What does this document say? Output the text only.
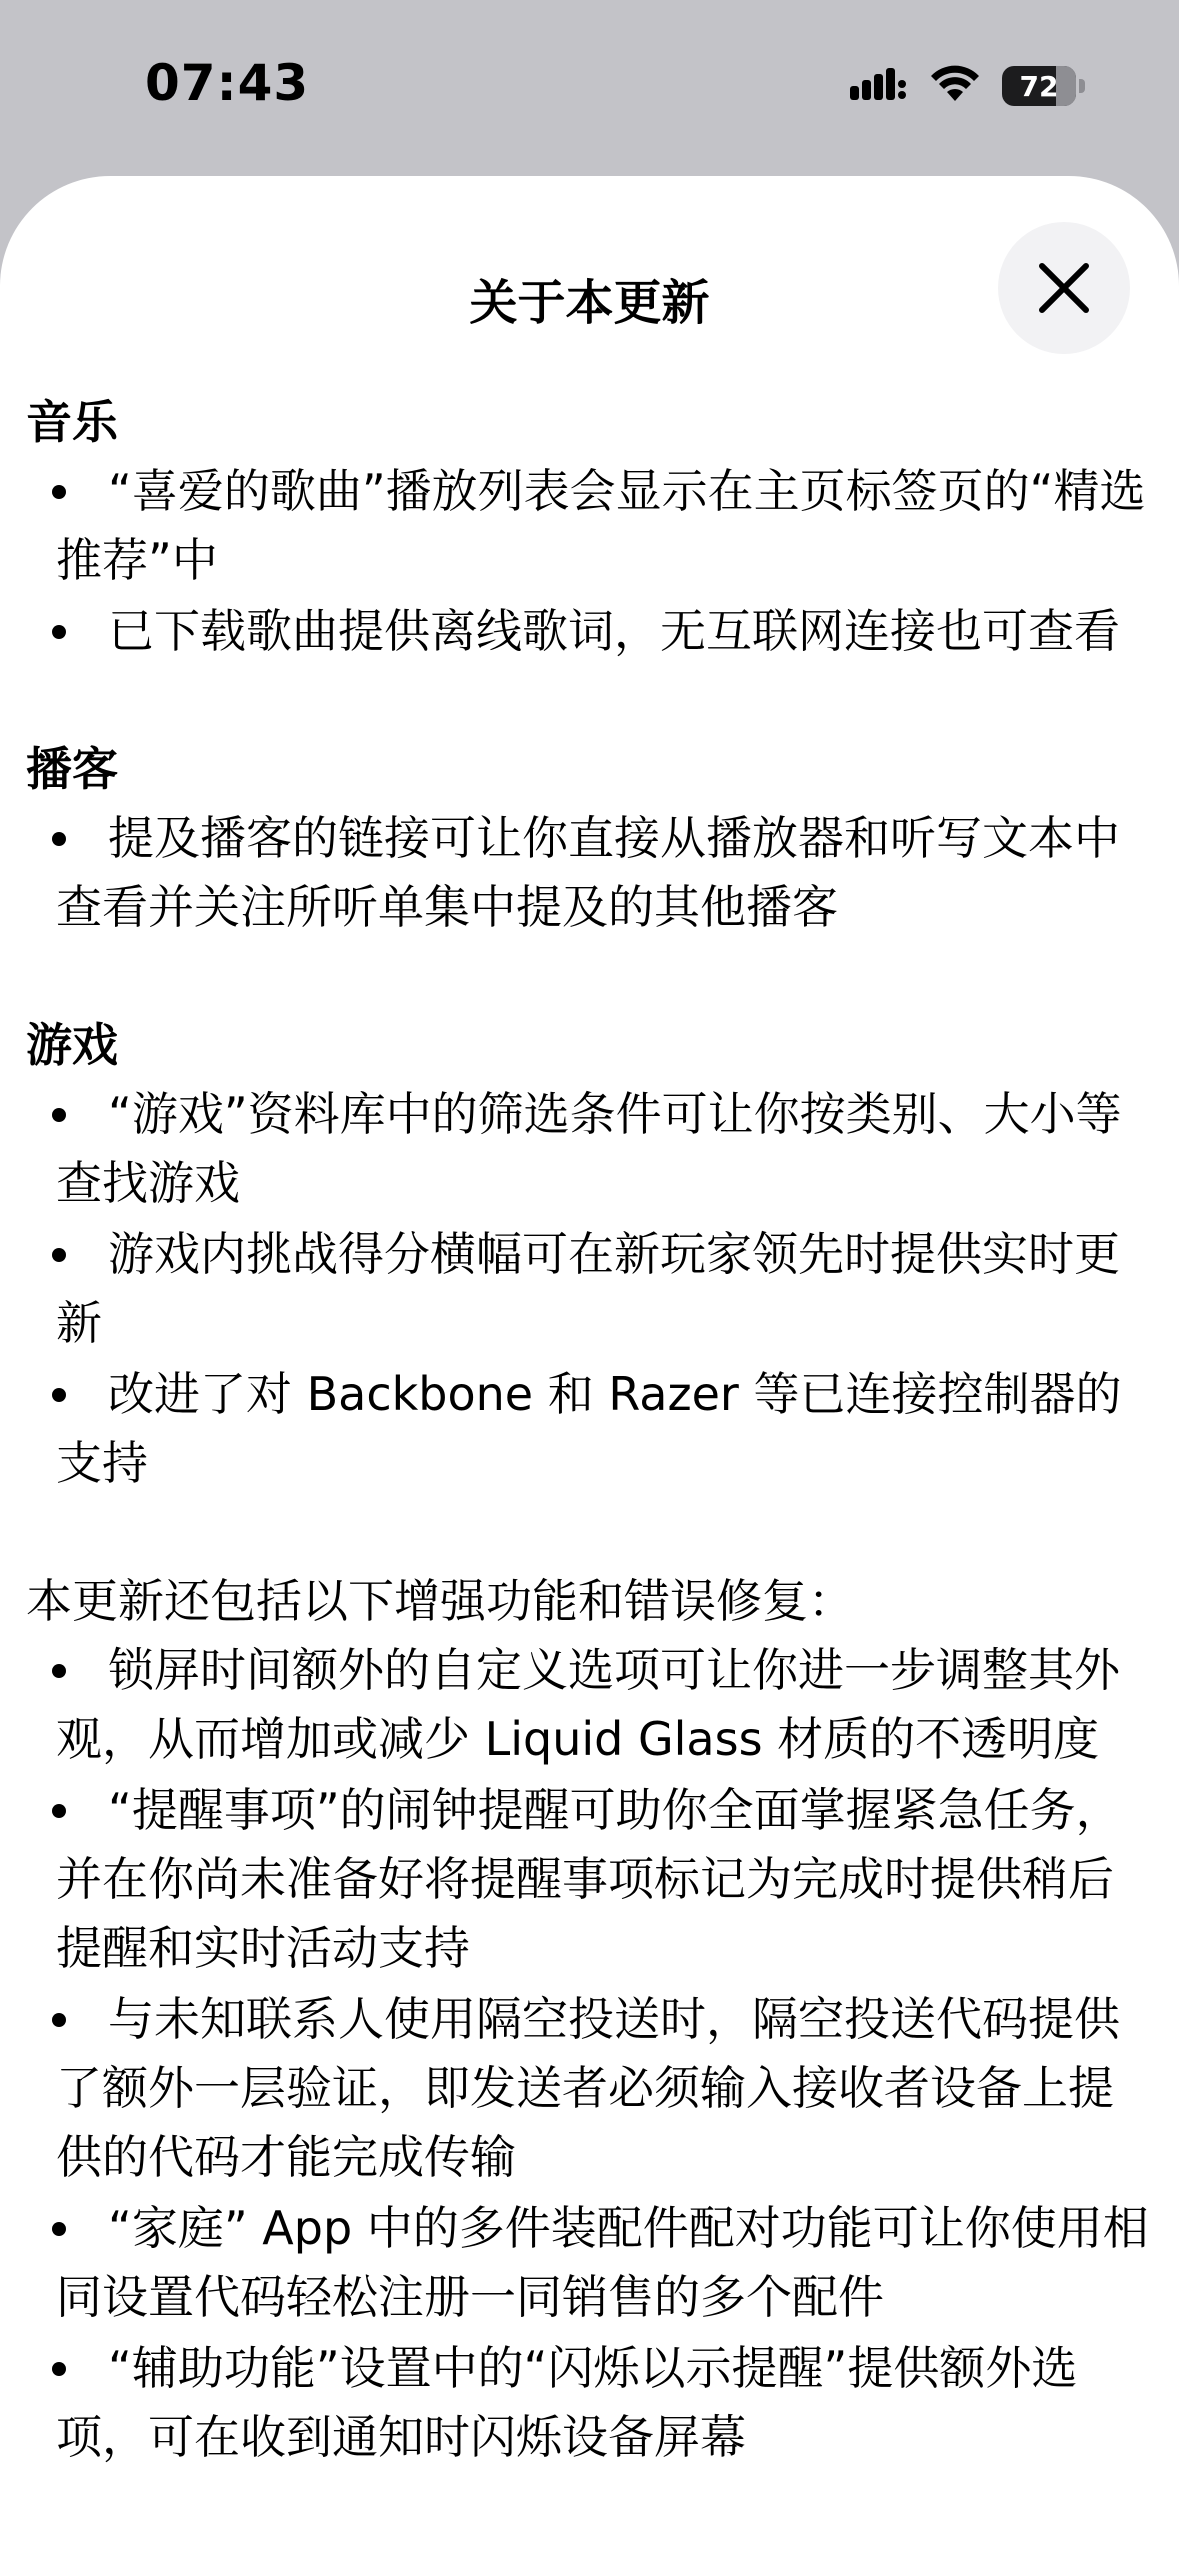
07:43	72
关于本更新

音乐

“喜爱的歌曲”播放列表会显示在主页标签页的“精选推荐”中
已下载歌曲提供离线歌词，无互联网连接也可查看

播客

提及播客的链接可让你直接从播放器和听写文本中查看并关注所听单集中提及的其他播客

游戏

“游戏”资料库中的筛选条件可让你按类别、大小等查找游戏
游戏内挑战得分横幅可在新玩家领先时提供实时更新
改进了对 Backbone 和 Razer 等已连接控制器的支持

本更新还包括以下增强功能和错误修复：

锁屏时间额外的自定义选项可让你进一步调整其外观，从而增加或减少 Liquid Glass 材质的不透明度
“提醒事项”的闹钟提醒可助你全面掌握紧急任务，并在你尚未准备好将提醒事项标记为完成时提供稍后提醒和实时活动支持
与未知联系人使用隔空投送时，隔空投送代码提供了额外一层验证，即发送者必须输入接收者设备上提供的代码才能完成传输
“家庭” App 中的多件装配件配对功能可让你使用相同设置代码轻松注册一同销售的多个配件
“辅助功能”设置中的“闪烁以示提醒”提供额外选项，可在收到通知时闪烁设备屏幕
